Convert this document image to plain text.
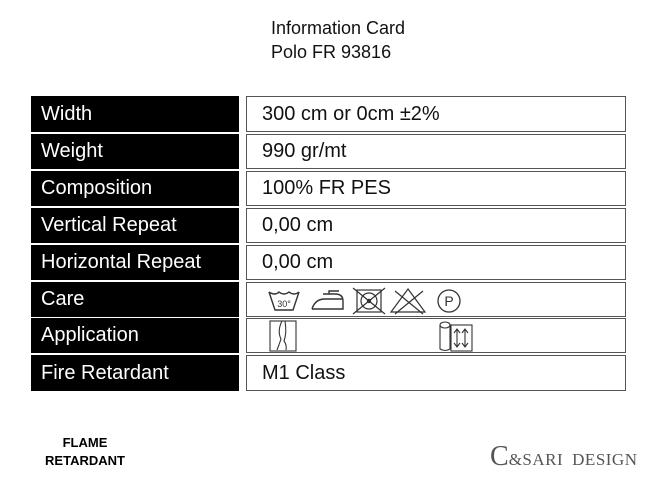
Information Card
Polo FR 93816
Width	300 cm or 0cm ±2%
Weight	990 gr/mt
Composition	100% FR PES
Vertical Repeat	0,00 cm
Horizontal Repeat	0,00 cm
Care	30°	P
Application
Fire Retardant	M1 Class
FLAME
RETARDANT	C &SARI DESIGN
